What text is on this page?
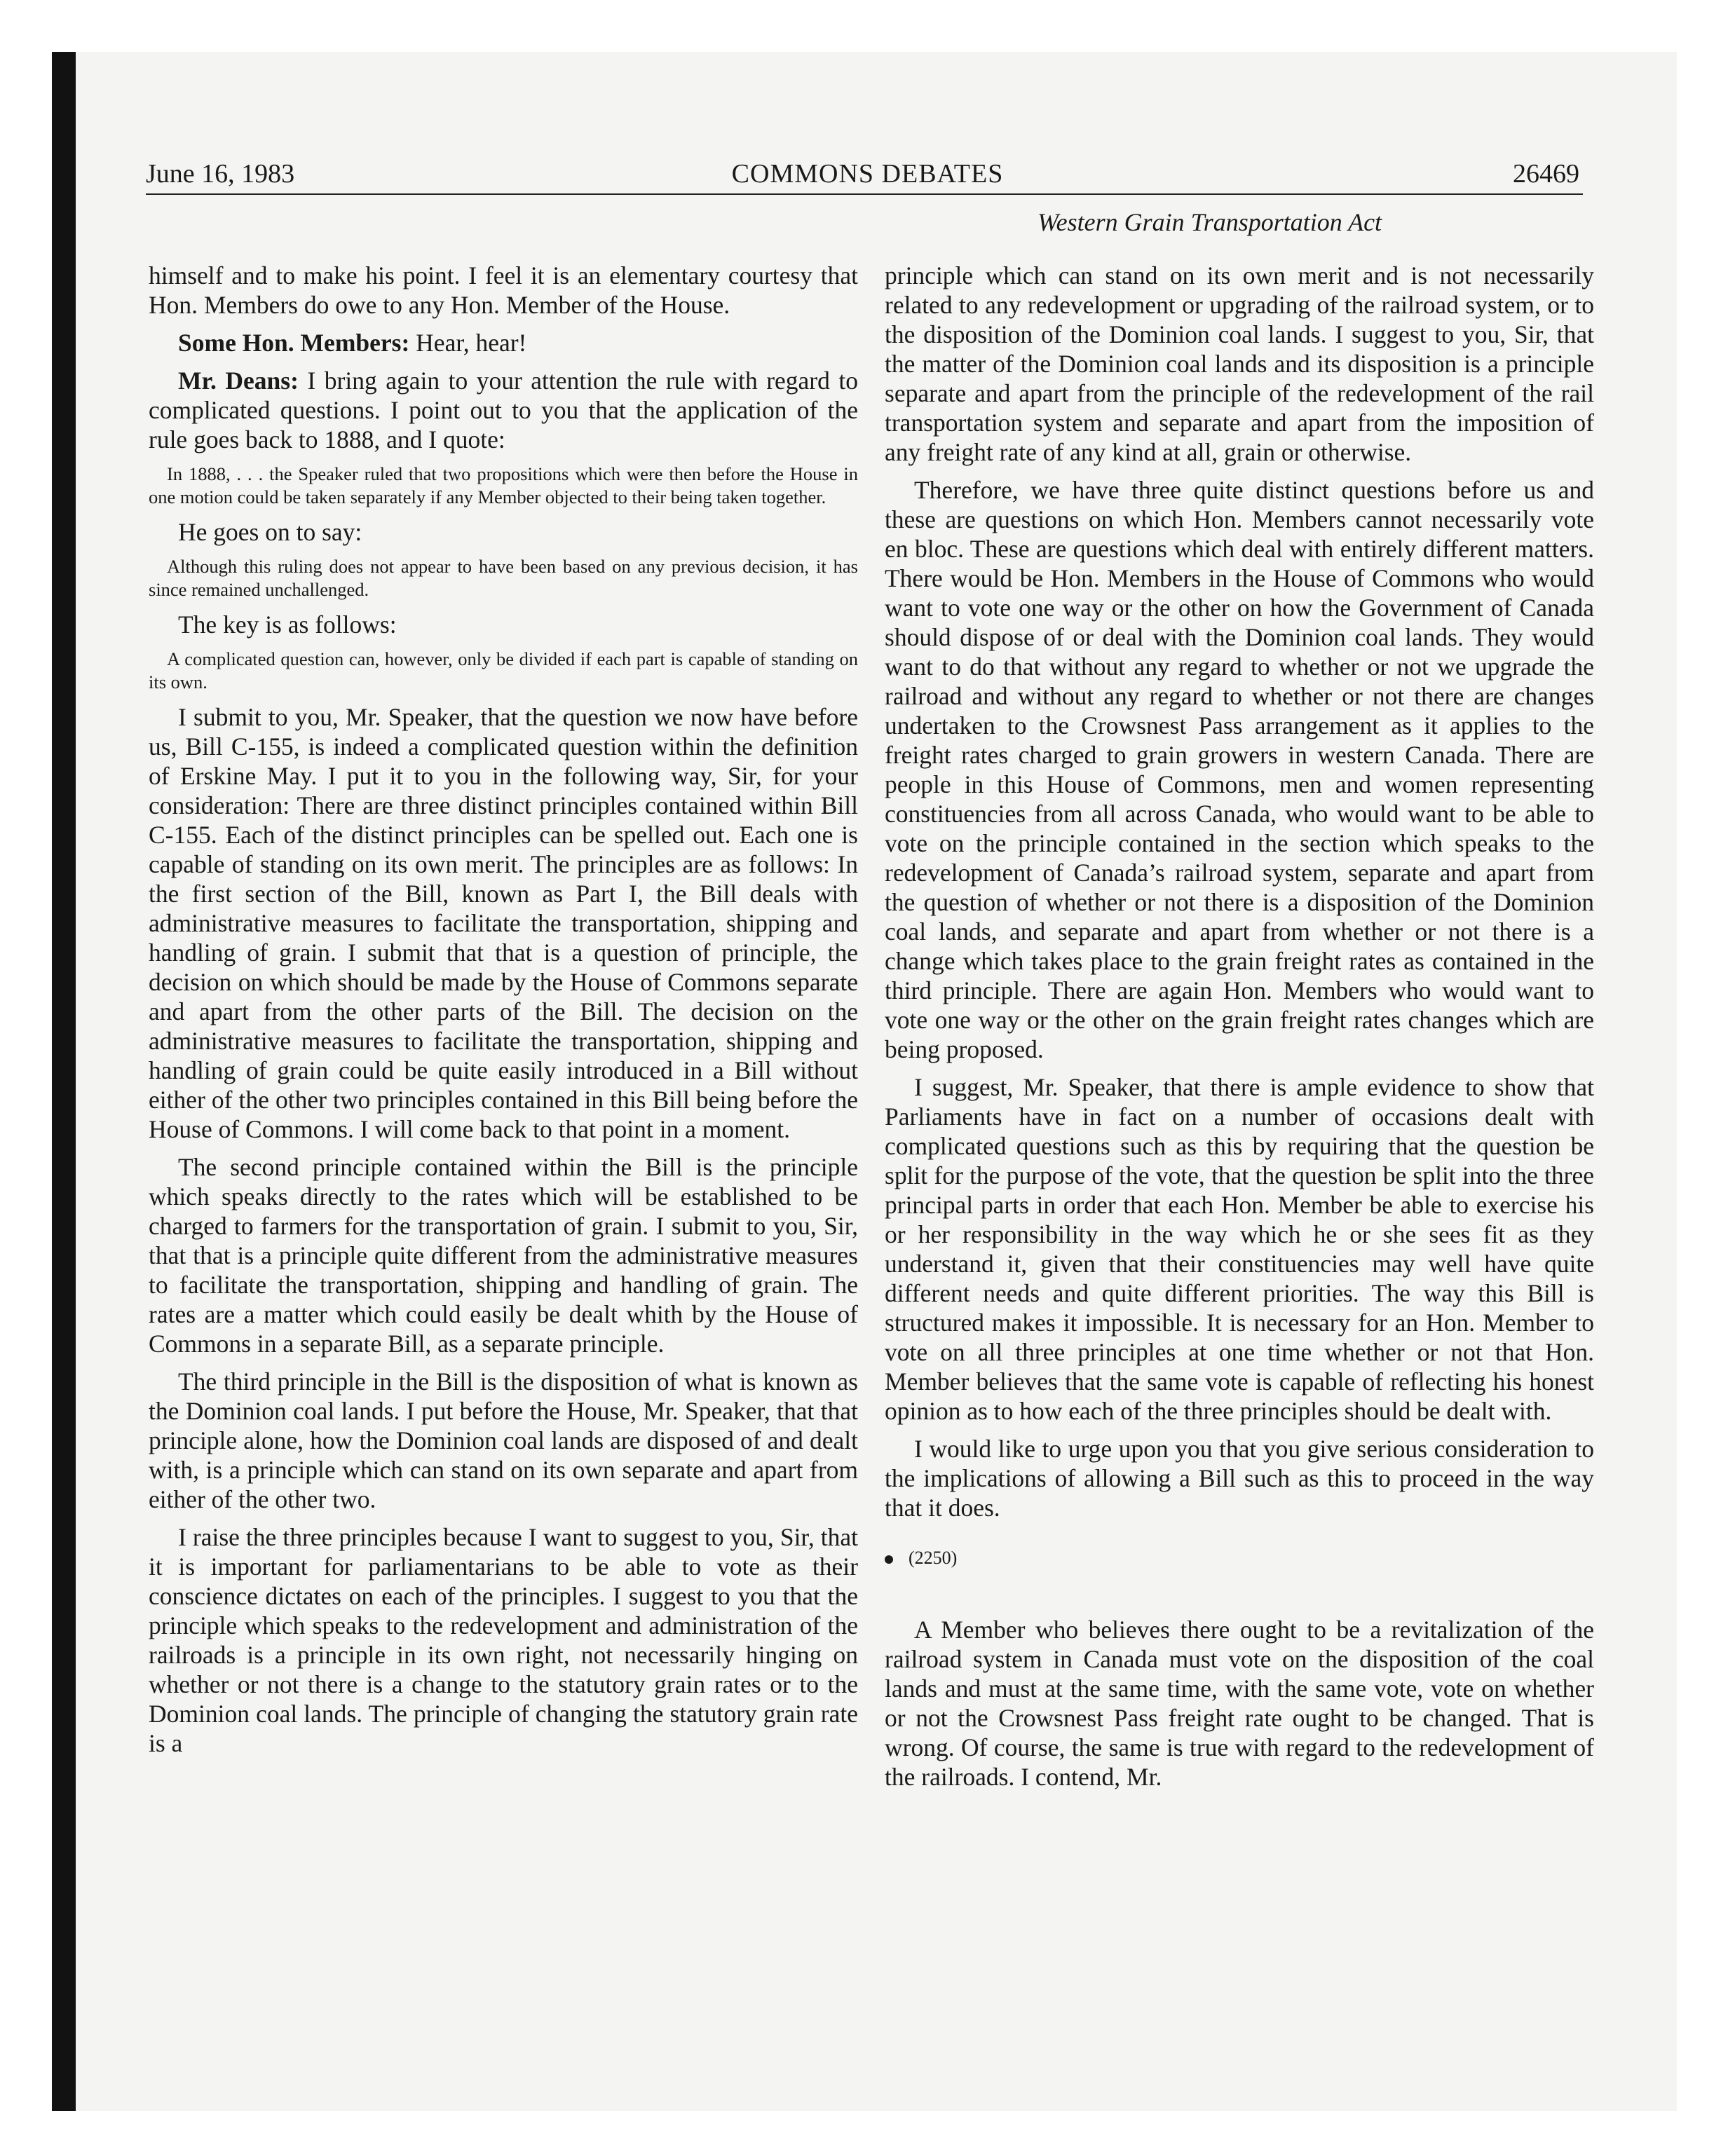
June 16, 1983	COMMONS DEBATES	26469
Western Grain Transportation Act

himself and to make his point. I feel it is an elementary courtesy that Hon. Members do owe to any Hon. Member of the House.

Some Hon. Members: Hear, hear!

Mr. Deans: I bring again to your attention the rule with regard to complicated questions. I point out to you that the application of the rule goes back to 1888, and I quote:

In 1888, . . . the Speaker ruled that two propositions which were then before the House in one motion could be taken separately if any Member objected to their being taken together.

He goes on to say:

Although this ruling does not appear to have been based on any previous decision, it has since remained unchallenged.

The key is as follows:

A complicated question can, however, only be divided if each part is capable of standing on its own.

I submit to you, Mr. Speaker, that the question we now have before us, Bill C-155, is indeed a complicated question within the definition of Erskine May. I put it to you in the following way, Sir, for your consideration: There are three distinct principles contained within Bill C-155. Each of the distinct principles can be spelled out. Each one is capable of standing on its own merit. The principles are as follows: In the first section of the Bill, known as Part I, the Bill deals with administrative measures to facilitate the transportation, shipping and handling of grain. I submit that that is a question of principle, the decision on which should be made by the House of Commons separate and apart from the other parts of the Bill. The decision on the administrative measures to facilitate the transportation, shipping and handling of grain could be quite easily introduced in a Bill without either of the other two principles contained in this Bill being before the House of Commons. I will come back to that point in a moment.

The second principle contained within the Bill is the principle which speaks directly to the rates which will be established to be charged to farmers for the transportation of grain. I submit to you, Sir, that that is a principle quite different from the administrative measures to facilitate the transportation, shipping and handling of grain. The rates are a matter which could easily be dealt whith by the House of Commons in a separate Bill, as a separate principle.

The third principle in the Bill is the disposition of what is known as the Dominion coal lands. I put before the House, Mr. Speaker, that that principle alone, how the Dominion coal lands are disposed of and dealt with, is a principle which can stand on its own separate and apart from either of the other two.

I raise the three principles because I want to suggest to you, Sir, that it is important for parliamentarians to be able to vote as their conscience dictates on each of the principles. I suggest to you that the principle which speaks to the redevelopment and administration of the railroads is a principle in its own right, not necessarily hinging on whether or not there is a change to the statutory grain rates or to the Dominion coal lands. The principle of changing the statutory grain rate is a

principle which can stand on its own merit and is not necessarily related to any redevelopment or upgrading of the railroad system, or to the disposition of the Dominion coal lands. I suggest to you, Sir, that the matter of the Dominion coal lands and its disposition is a principle separate and apart from the principle of the redevelopment of the rail transportation system and separate and apart from the imposition of any freight rate of any kind at all, grain or otherwise.

Therefore, we have three quite distinct questions before us and these are questions on which Hon. Members cannot necessarily vote en bloc. These are questions which deal with entirely different matters. There would be Hon. Members in the House of Commons who would want to vote one way or the other on how the Government of Canada should dispose of or deal with the Dominion coal lands. They would want to do that without any regard to whether or not we upgrade the railroad and without any regard to whether or not there are changes undertaken to the Crowsnest Pass arrangement as it applies to the freight rates charged to grain growers in western Canada. There are people in this House of Commons, men and women representing constituencies from all across Canada, who would want to be able to vote on the principle contained in the section which speaks to the redevelopment of Canada’s railroad system, separate and apart from the question of whether or not there is a disposition of the Dominion coal lands, and separate and apart from whether or not there is a change which takes place to the grain freight rates as contained in the third principle. There are again Hon. Members who would want to vote one way or the other on the grain freight rates changes which are being proposed.

I suggest, Mr. Speaker, that there is ample evidence to show that Parliaments have in fact on a number of occasions dealt with complicated questions such as this by requiring that the question be split for the purpose of the vote, that the question be split into the three principal parts in order that each Hon. Member be able to exercise his or her responsibility in the way which he or she sees fit as they understand it, given that their constituencies may well have quite different needs and quite different priorities. The way this Bill is structured makes it impossible. It is necessary for an Hon. Member to vote on all three principles at one time whether or not that Hon. Member believes that the same vote is capable of reflecting his honest opinion as to how each of the three principles should be dealt with.

I would like to urge upon you that you give serious consideration to the implications of allowing a Bill such as this to proceed in the way that it does.

(2250)

A Member who believes there ought to be a revitalization of the railroad system in Canada must vote on the disposition of the coal lands and must at the same time, with the same vote, vote on whether or not the Crowsnest Pass freight rate ought to be changed. That is wrong. Of course, the same is true with regard to the redevelopment of the railroads. I contend, Mr.
